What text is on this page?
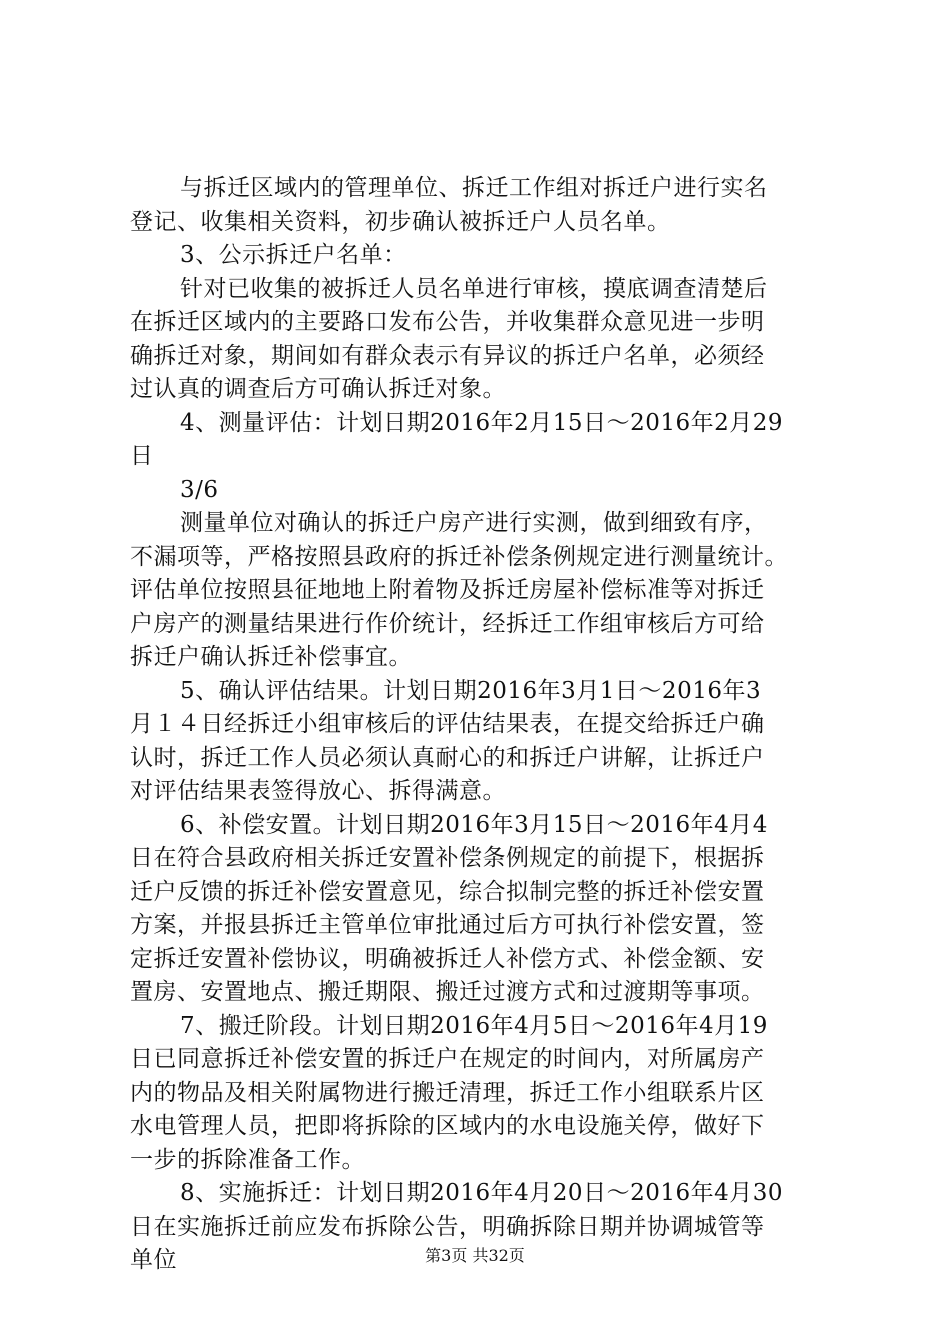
与拆迁区域内的管理单位、拆迁工作组对拆迁户进行实名
登记、收集相关资料，初步确认被拆迁户人员名单。
3、公示拆迁户名单：
针对已收集的被拆迁人员名单进行审核，摸底调查清楚后
在拆迁区域内的主要路口发布公告，并收集群众意见进一步明
确拆迁对象，期间如有群众表示有异议的拆迁户名单，必须经
过认真的调查后方可确认拆迁对象。
4、测量评估：计划日期2016年2月15日～2016年2月29
日
3/6
测量单位对确认的拆迁户房产进行实测，做到细致有序，
不漏项等，严格按照县政府的拆迁补偿条例规定进行测量统计。
评估单位按照县征地地上附着物及拆迁房屋补偿标准等对拆迁
户房产的测量结果进行作价统计，经拆迁工作组审核后方可给
拆迁户确认拆迁补偿事宜。
5、确认评估结果。计划日期2016年3月1日～2016年3
月１４日经拆迁小组审核后的评估结果表，在提交给拆迁户确
认时，拆迁工作人员必须认真耐心的和拆迁户讲解，让拆迁户
对评估结果表签得放心、拆得满意。
6、补偿安置。计划日期2016年3月15日～2016年4月4
日在符合县政府相关拆迁安置补偿条例规定的前提下，根据拆
迁户反馈的拆迁补偿安置意见，综合拟制完整的拆迁补偿安置
方案，并报县拆迁主管单位审批通过后方可执行补偿安置，签
定拆迁安置补偿协议，明确被拆迁人补偿方式、补偿金额、安
置房、安置地点、搬迁期限、搬迁过渡方式和过渡期等事项。
7、搬迁阶段。计划日期2016年4月5日～2016年4月19
日已同意拆迁补偿安置的拆迁户在规定的时间内，对所属房产
内的物品及相关附属物进行搬迁清理，拆迁工作小组联系片区
水电管理人员，把即将拆除的区域内的水电设施关停，做好下
一步的拆除准备工作。
8、实施拆迁：计划日期2016年4月20日～2016年4月30
日在实施拆迁前应发布拆除公告，明确拆除日期并协调城管等
单位	第3页 共32页
